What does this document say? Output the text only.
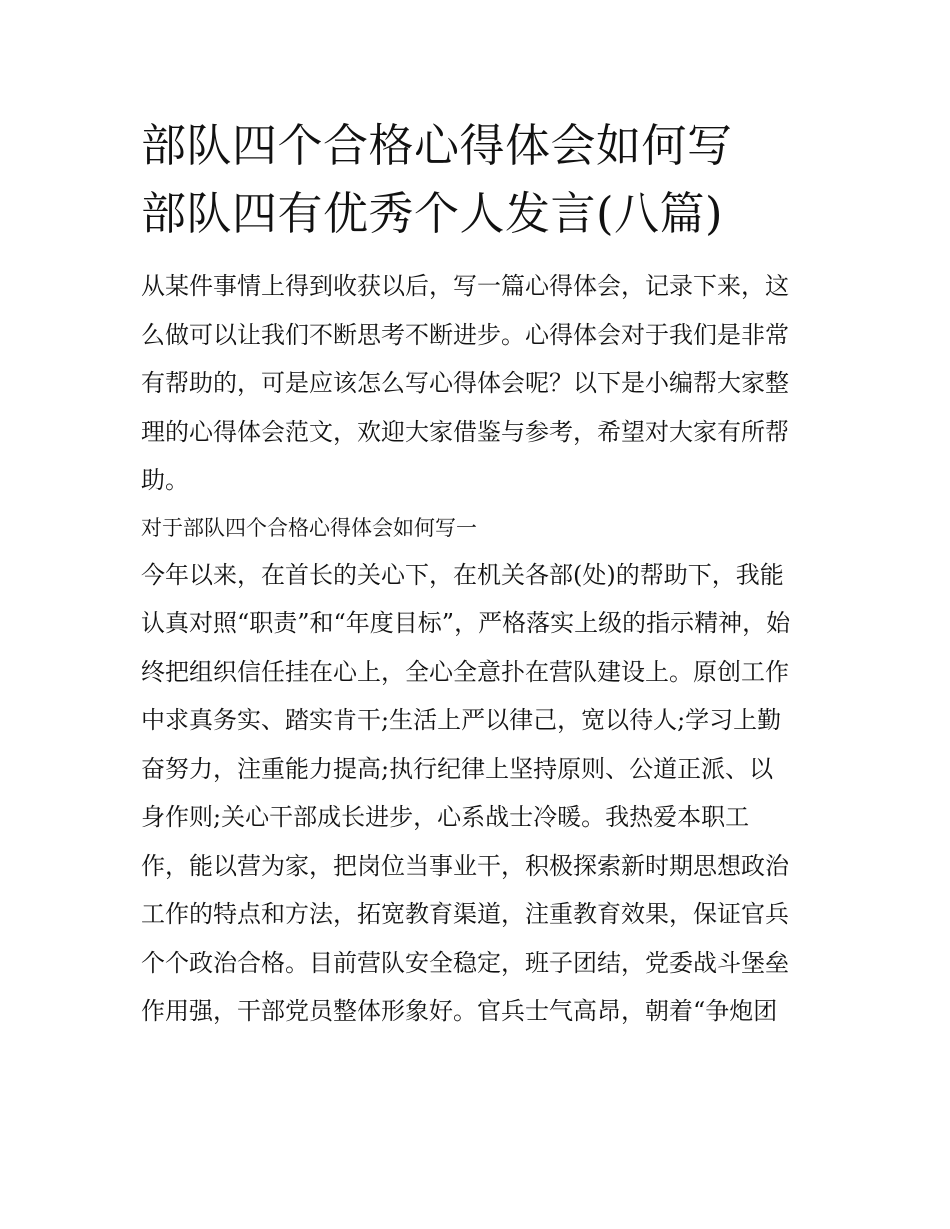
部队四个合格心得体会如何写
部队四有优秀个人发言(八篇)

从某件事情上得到收获以后，写一篇心得体会，记录下来，这
么做可以让我们不断思考不断进步。心得体会对于我们是非常
有帮助的，可是应该怎么写心得体会呢？以下是小编帮大家整
理的心得体会范文，欢迎大家借鉴与参考，希望对大家有所帮
助。

对于部队四个合格心得体会如何写一

今年以来，在首长的关心下，在机关各部(处)的帮助下，我能
认真对照“职责”和“年度目标”，严格落实上级的指示精神，始
终把组织信任挂在心上，全心全意扑在营队建设上。原创工作
中求真务实、踏实肯干;生活上严以律己，宽以待人;学习上勤
奋努力，注重能力提高;执行纪律上坚持原则、公道正派、以
身作则;关心干部成长进步，心系战士冷暖。我热爱本职工
作，能以营为家，把岗位当事业干，积极探索新时期思想政治
工作的特点和方法，拓宽教育渠道，注重教育效果，保证官兵
个个政治合格。目前营队安全稳定，班子团结，党委战斗堡垒
作用强，干部党员整体形象好。官兵士气高昂，朝着“争炮团
